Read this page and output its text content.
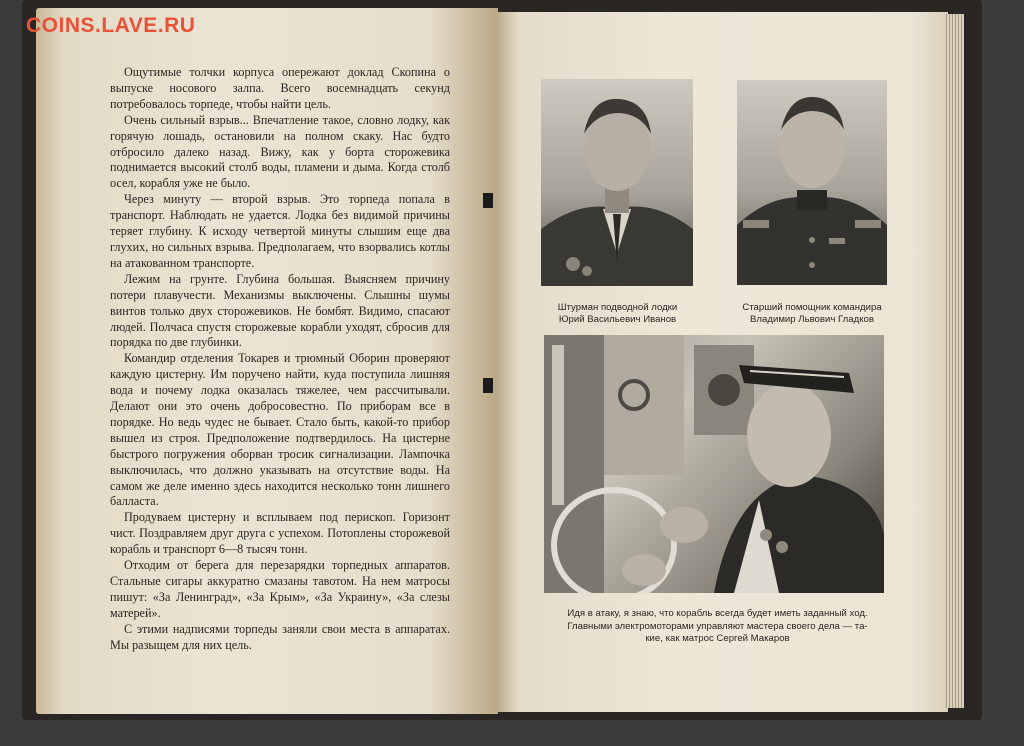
Ощутимые толчки корпуса опережают доклад Скопина о выпуске носового залпа. Всего восемнадцать секунд потребовалось торпеде, чтобы найти цель.

Очень сильный взрыв... Впечатление такое, словно лодку, как горячую лошадь, остановили на полном скаку. Нас будто отбросило далеко назад. Вижу, как у борта сторожевика поднимается высокий столб воды, пламени и дыма. Когда столб осел, корабля уже не было.

Через минуту — второй взрыв. Это торпеда попала в транспорт. Наблюдать не удается. Лодка без видимой причины теряет глубину. К исходу четвертой минуты слышим еще два глухих, но сильных взрыва. Предполагаем, что взорвались котлы на атакованном транспорте.

Лежим на грунте. Глубина большая. Выясняем причину потери плавучести. Механизмы выключены. Слышны шумы винтов только двух сторожевиков. Не бомбят. Видимо, спасают людей. Полчаса спустя сторожевые корабли уходят, сбросив для порядка по две глубинки.

Командир отделения Токарев и трюмный Оборин проверяют каждую цистерну. Им поручено найти, куда поступила лишняя вода и почему лодка оказалась тяжелее, чем рассчитывали. Делают они это очень добросовестно. По приборам все в порядке. Но ведь чудес не бывает. Стало быть, какой-то прибор вышел из строя. Предположение подтвердилось. На цистерне быстрого погружения оборван тросик сигнализации. Лампочка выключилась, что должно указывать на отсутствие воды. На самом же деле именно здесь находится несколько тонн лишнего балласта.

Продуваем цистерну и всплываем под перископ. Горизонт чист. Поздравляем друг друга с успехом. Потоплены сторожевой корабль и транспорт 6—8 тысяч тонн.

Отходим от берега для перезарядки торпедных аппаратов. Стальные сигары аккуратно смазаны тавотом. На нем матросы пишут: «За Ленинград», «За Крым», «За Украину», «За слезы матерей».

С этими надписями торпеды заняли свои места в аппаратах. Мы разыщем для них цель.

Штурман подводной лодки
Юрий Васильевич Иванов
Старший помощник командира
Владимир Львович Гладков
Идя в атаку, я знаю, что корабль всегда будет иметь заданный ход.
Главными электромоторами управляют мастера своего дела — та-
кие, как матрос Сергей Макаров
COINS.LAVE.RU
